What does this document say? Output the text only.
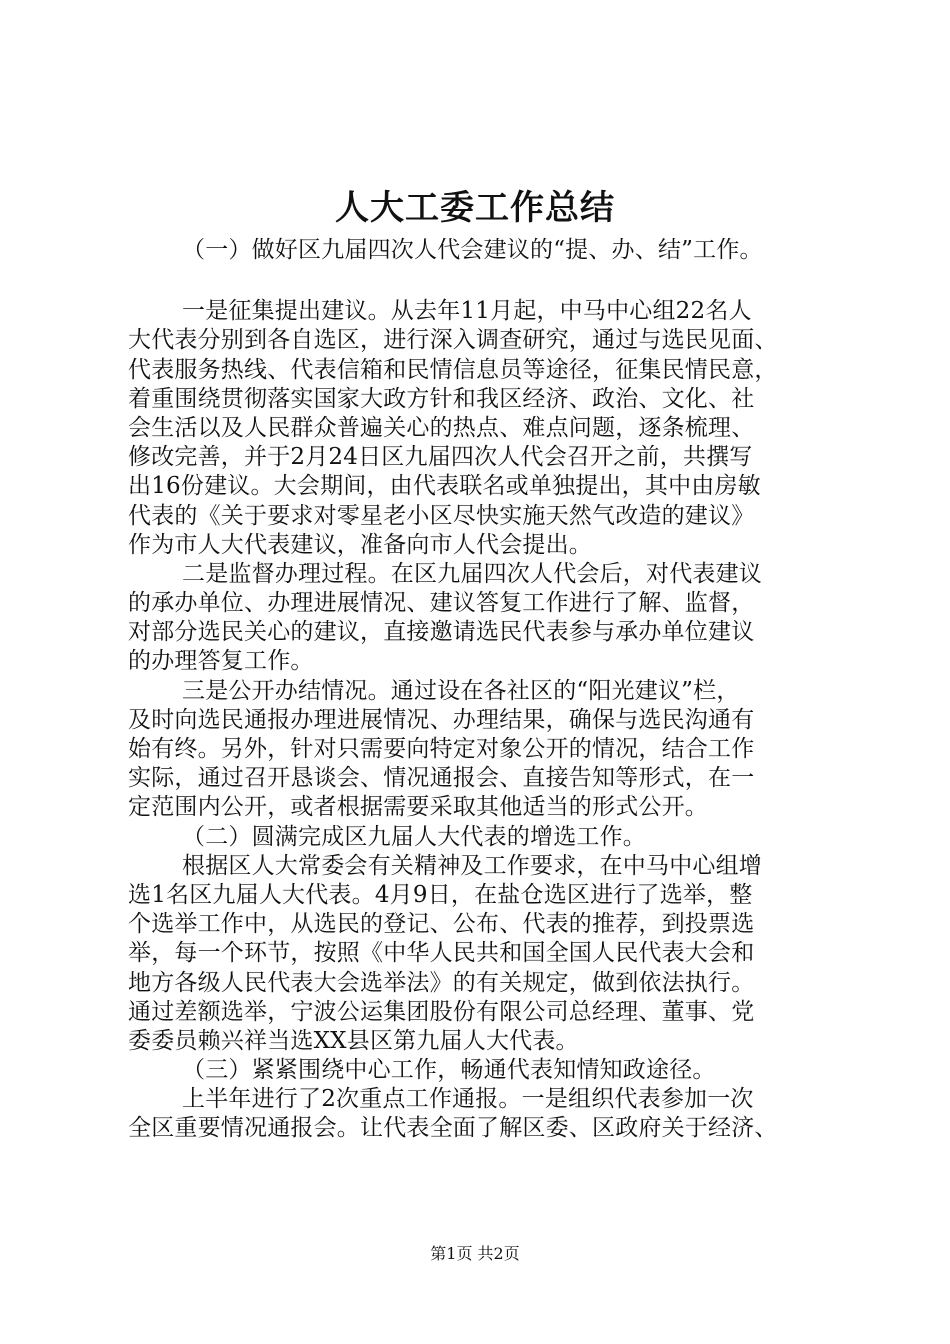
人大工委工作总结
（一）做好区九届四次人代会建议的“提、办、结”工作。
一是征集提出建议。从去年11月起，中马中心组22名人
大代表分别到各自选区，进行深入调查研究，通过与选民见面、
代表服务热线、代表信箱和民情信息员等途径，征集民情民意，
着重围绕贯彻落实国家大政方针和我区经济、政治、文化、社
会生活以及人民群众普遍关心的热点、难点问题，逐条梳理、
修改完善，并于2月24日区九届四次人代会召开之前，共撰写
出16份建议。大会期间，由代表联名或单独提出，其中由房敏
代表的《关于要求对零星老小区尽快实施天然气改造的建议》
作为市人大代表建议，准备向市人代会提出。
二是监督办理过程。在区九届四次人代会后，对代表建议
的承办单位、办理进展情况、建议答复工作进行了解、监督，
对部分选民关心的建议，直接邀请选民代表参与承办单位建议
的办理答复工作。
三是公开办结情况。通过设在各社区的“阳光建议”栏，
及时向选民通报办理进展情况、办理结果，确保与选民沟通有
始有终。另外，针对只需要向特定对象公开的情况，结合工作
实际，通过召开恳谈会、情况通报会、直接告知等形式，在一
定范围内公开，或者根据需要采取其他适当的形式公开。
（二）圆满完成区九届人大代表的增选工作。
根据区人大常委会有关精神及工作要求，在中马中心组增
选1名区九届人大代表。4月9日，在盐仓选区进行了选举，整
个选举工作中，从选民的登记、公布、代表的推荐，到投票选
举，每一个环节，按照《中华人民共和国全国人民代表大会和
地方各级人民代表大会选举法》的有关规定，做到依法执行。
通过差额选举，宁波公运集团股份有限公司总经理、董事、党
委委员赖兴祥当选XX县区第九届人大代表。
（三）紧紧围绕中心工作，畅通代表知情知政途径。
上半年进行了2次重点工作通报。一是组织代表参加一次
全区重要情况通报会。让代表全面了解区委、区政府关于经济、
第1页 共2页
